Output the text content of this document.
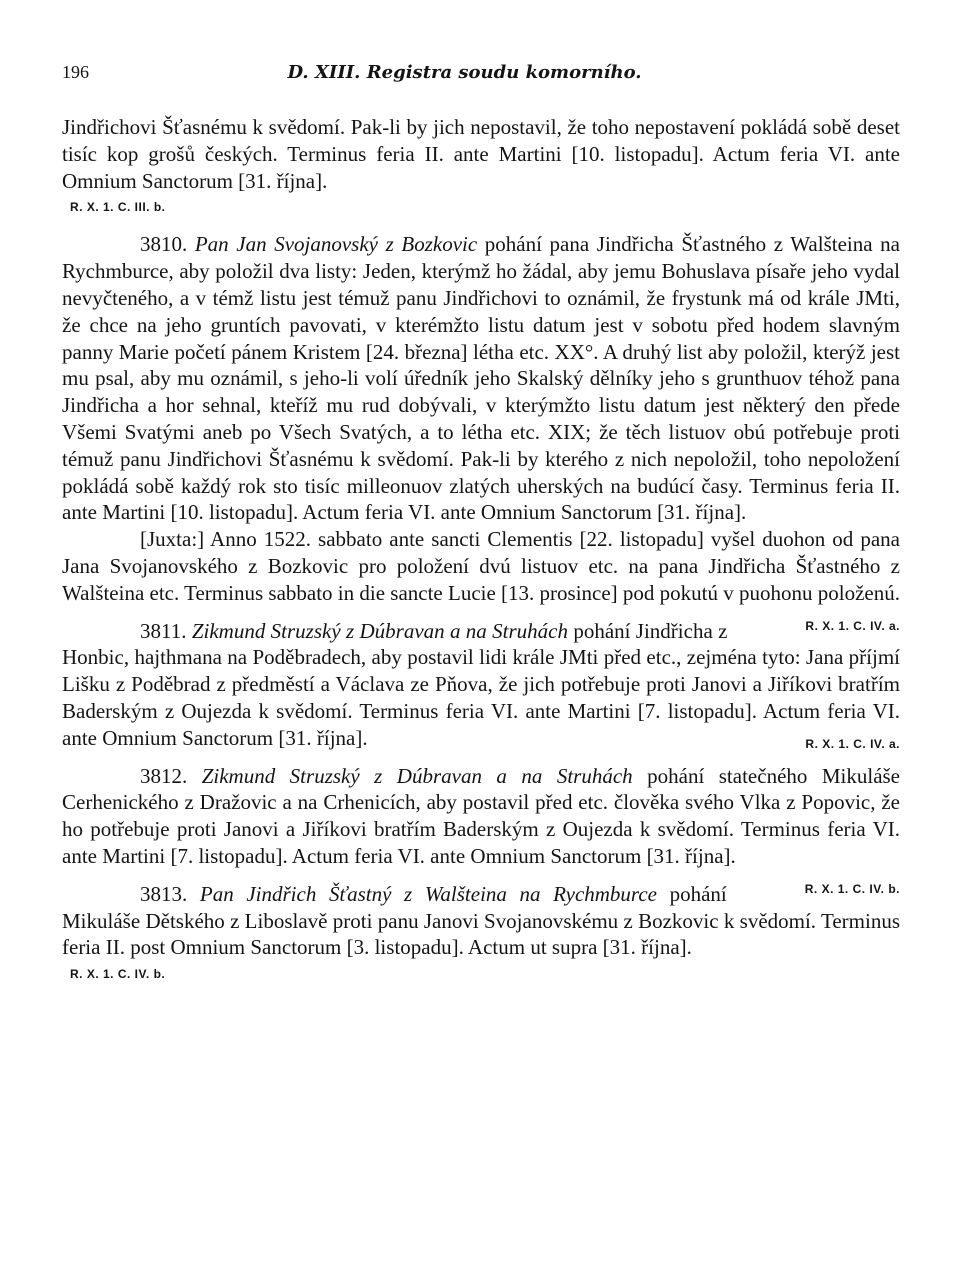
196	D. XIII. Registra soudu komorního.

Jindřichovi Šťasnému k svědomí. Pak-li by jich nepostavil, že toho nepostavení pokládá sobě deset tisíc kop grošů českých. Terminus feria II. ante Martini [10. listopadu]. Actum feria VI. ante Omnium Sanctorum [31. října].

R. X. 1. C. III. b.

3810. Pan Jan Svojanovský z Bozkovic pohání pana Jindřicha Šťastného z Walšteina na Rychmburce, aby položil dva listy: Jeden, kterýmž ho žádal, aby jemu Bohuslava písaře jeho vydal nevyčteného, a v témž listu jest témuž panu Jindřichovi to oznámil, že frystunk má od krále JMti, že chce na jeho gruntích pavovati, v kterémžto listu datum jest v sobotu před hodem slavným panny Marie početí pánem Kristem [24. března] létha etc. XX°. A druhý list aby položil, kterýž jest mu psal, aby mu oznámil, s jeho-li volí úředník jeho Skalský dělníky jeho s grunthuov téhož pana Jindřicha a hor sehnal, kteříž mu rud dobývali, v kterýmžto listu datum jest některý den přede Všemi Svatými aneb po Všech Svatých, a to létha etc. XIX; že těch listuov obú potřebuje proti témuž panu Jindřichovi Šťasnému k svědomí. Pak-li by kterého z nich nepoložil, toho nepoložení pokládá sobě každý rok sto tisíc milleonuov zlatých uherských na budúcí časy. Terminus feria II. ante Martini [10. listopadu]. Actum feria VI. ante Omnium Sanctorum [31. října].

[Juxta:] Anno 1522. sabbato ante sancti Clementis [22. listopadu] vyšel duohon od pana Jana Svojanovského z Bozkovic pro položení dvú listuov etc. na pana Jindřicha Šťastného z Walšteina etc. Terminus sabbato in die sancte Lucie [13. prosince] pod pokutú v puohonu položenú.
R. X. 1. C. IV. a.

3811. Zikmund Struzský z Dúbravan a na Struhách pohání Jindřicha z Honbic, hajthmana na Poděbradech, aby postavil lidi krále JMti před etc., zejména tyto: Jana příjmí Lišku z Poděbrad z předměstí a Václava ze Pňova, že jich potřebuje proti Janovi a Jiříkovi bratřím Baderským z Oujezda k svědomí. Terminus feria VI. ante Martini [7. listopadu]. Actum feria VI. ante Omnium Sanctorum [31. října].	R. X. 1. C. IV. a.

3812. Zikmund Struzský z Dúbravan a na Struhách pohání statečného Mikuláše Cerhenického z Dražovic a na Crhenicích, aby postavil před etc. člověka svého Vlka z Popovic, že ho potřebuje proti Janovi a Jiříkovi bratřím Baderským z Oujezda k svědomí. Terminus feria VI. ante Martini [7. listopadu]. Actum feria VI. ante Omnium Sanctorum [31. října].
R. X. 1. C. IV. b.

3813. Pan Jindřich Šťastný z Walšteina na Rychmburce pohání Mikuláše Dětského z Liboslavě proti panu Janovi Svojanovskému z Bozkovic k svědomí. Terminus feria II. post Omnium Sanctorum [3. listopadu]. Actum ut supra [31. října].

R. X. 1. C. IV. b.
